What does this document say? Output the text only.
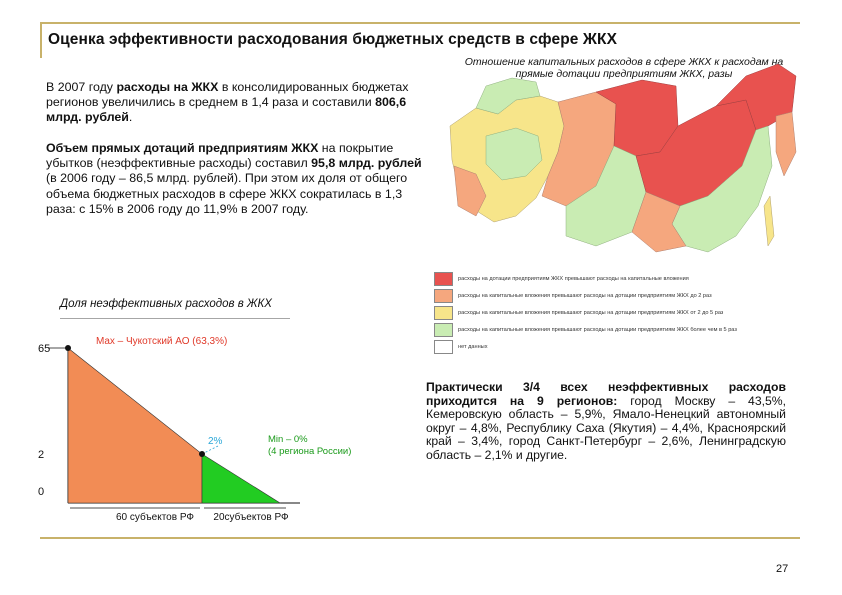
Оценка эффективности расходования бюджетных средств в сфере ЖКХ
В 2007 году расходы на ЖКХ в консолидированных бюджетах регионов увеличились в среднем в 1,4 раза и составили 806,6 млрд. рублей.
Объем прямых дотаций предприятиям ЖКХ на покрытие убытков (неэффективные расходы) составил 95,8 млрд. рублей (в 2006 году – 86,5 млрд. рублей). При этом их доля от общего объема бюджетных расходов в сфере ЖКХ сократилась в 1,3 раза: с 15% в 2006 году до 11,9% в 2007 году.
Отношение капитальных расходов в сфере ЖКХ к расходам на прямые дотации предприятиям ЖКХ, разы
расходы на дотации предприятиям ЖКХ превышают расходы на капитальные вложения
расходы на капитальные вложения превышают расходы на дотации предприятиям ЖКХ до 2 раз
расходы на капитальные вложения превышают расходы на дотации предприятиям ЖКХ от 2 до 5 раз
расходы на капитальные вложения превышают расходы на дотации предприятиям ЖКХ более чем в 5 раз
нет данных
Доля неэффективных расходов в ЖКХ
65
2
0
Max – Чукотский АО (63,3%)
2%	Min – 0%
(4 региона России)
60 субъектов РФ 20субъектов РФ
Практически 3/4 всех неэффективных расходов приходится на 9 регионов: город Москву – 43,5%, Кемеровскую область – 5,9%, Ямало-Ненецкий автономный округ – 4,8%, Республику Саха (Якутия) – 4,4%, Красноярский край – 3,4%, город Санкт-Петербург – 2,6%, Ленинградскую область – 2,1% и другие.
27
